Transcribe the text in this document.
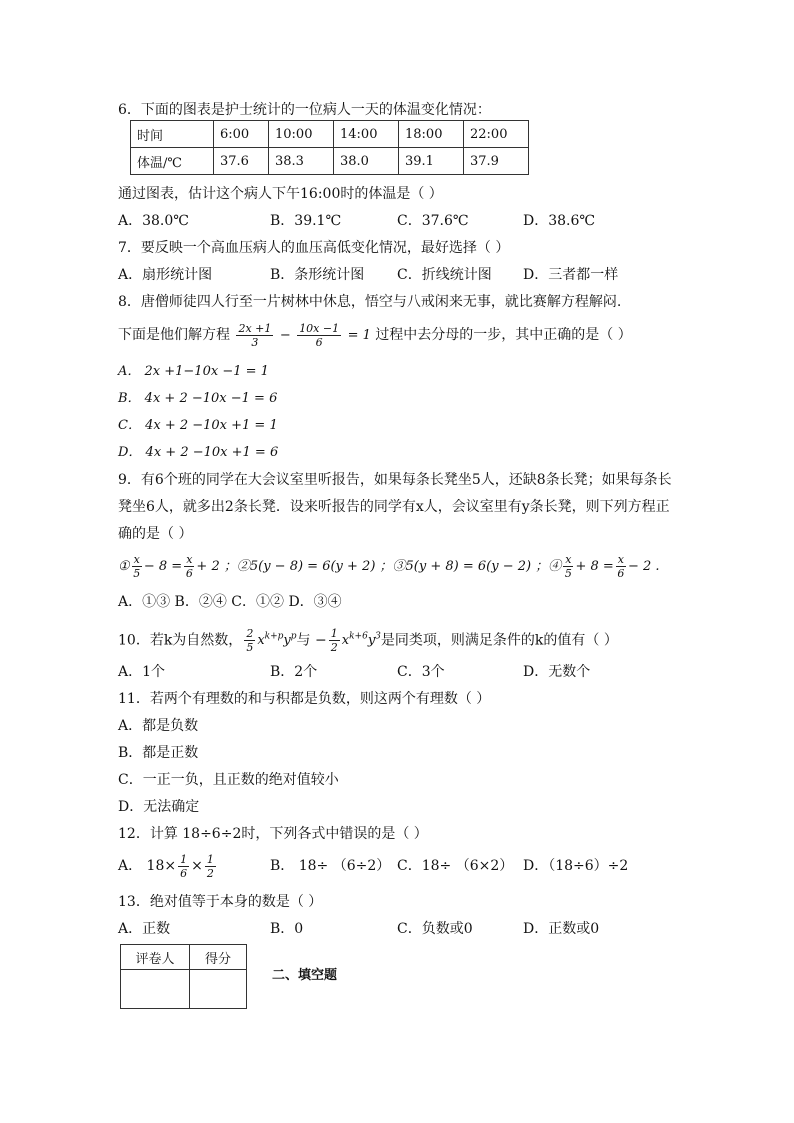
6．下面的图表是护士统计的一位病人一天的体温变化情况：
时间	6:00	10:00	14:00	18:00	22:00
体温/℃	37.6	38.3	38.0	39.1	37.9
通过图表，估计这个病人下午16:00时的体温是（ ）
A．38.0℃	B．39.1℃	C．37.6℃	D．38.6℃
7．要反映一个高血压病人的血压高低变化情况，最好选择（ ）
A．扇形统计图	B．条形统计图 C．折线统计图 D．三者都一样
8．唐僧师徒四人行至一片树林中休息，悟空与八戒闲来无事，就比赛解方程解闷.
下面是他们解方程 $\frac{2x +1}{3} - \frac{10x -1}{6} = 1$ 过程中去分母的一步，其中正确的是（ ）
A． 2x +1−10x −1 = 1
B． 4x + 2 −10x −1 = 6
C． 4x + 2 −10x +1 = 1
D． 4x + 2 −10x +1 = 6
9．有6个班的同学在大会议室里听报告，如果每条长凳坐5人，还缺8条长凳；如果每条长
凳坐6人，就多出2条长凳．设来听报告的同学有x人，会议室里有y条长凳，则下列方程正
确的是（ ）
① $\frac{x}{5} - 8 = \frac{x}{6} + 2$ ；②5(y − 8) = 6(y + 2) ；③5(y + 8) = 6(y − 2) ；④ $\frac{x}{5} + 8 = \frac{x}{6} - 2$ .
A．①③ B．②④ C．①② D．③④
10．若k为自然数， $\frac{2}{5} x^{k+p}y^p$与 − $\frac{1}{2} x^{k+6}y^3$是同类项，则满足条件的k的值有（ ）
A．1个	B．2个	C．3个	D．无数个
11．若两个有理数的和与积都是负数，则这两个有理数（ ）
A．都是负数
B．都是正数
C．一正一负，且正数的绝对值较小
D．无法确定
12．计算 18÷6÷2时，下列各式中错误的是（ ）
A． $18\times \frac{1}{6} \times \frac{1}{2}$	B． 18÷ （6÷2） C．18÷ （6×2） D．（18÷6）÷2
13．绝对值等于本身的数是（ ）
A．正数	B．0	C．负数或0	D．正数或0
评卷人	得分

二、填空题
